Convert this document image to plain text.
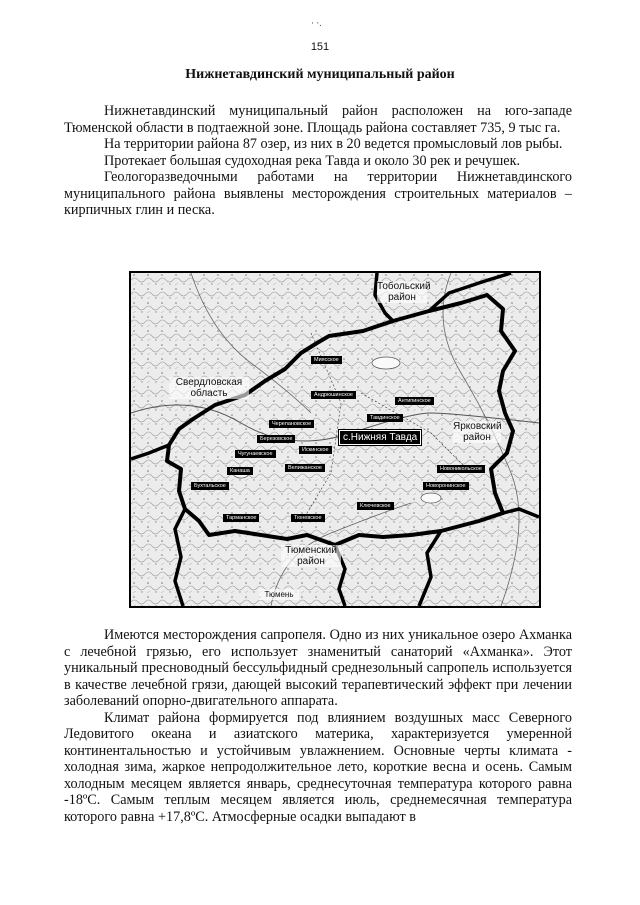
· ·.
151
Нижнетавдинский муниципальный район

Нижнетавдинский муниципальный район расположен на юго-западе Тюменской области в подтаежной зоне. Площадь района составляет 735, 9 тыс га.

На территории района 87 озер, из них в 20 ведется промысловый лов рыбы.

Протекает большая судоходная река Тавда и около 30 рек и речушек.

Геологоразведочными работами на территории Нижнетавдинского муниципального района выявлены месторождения строительных материалов – кирпичных глин и песка.

Тобольский район
Свердловская область
Ярковский район
Тюменский район
Тюмень
Миясское
Андрюшинское
Антипинское
Тавдинское
Черепановское
Березовское
Искинское
Чугунаевское
Канаша	Велижанское	Новоникольское
Бухтальское	Новоронинское
Ключевское
Тарманское	Тюневское
с.Нижняя Тавда

Имеются месторождения сапропеля. Одно из них уникальное озеро Ахманка с лечебной грязью, его использует знаменитый санаторий «Ахманка». Этот уникальный пресноводный бессульфидный среднезольный сапропель используется в качестве лечебной грязи, дающей высокий терапевтический эффект при лечении заболеваний опорно-двигательного аппарата.

Климат района формируется под влиянием воздушных масс Северного Ледовитого океана и азиатского материка, характеризуется умеренной континентальностью и устойчивым увлажнением. Основные черты климата - холодная зима, жаркое непродолжительное лето, короткие весна и осень. Самым холодным месяцем является январь, среднесуточная температура которого равна -18ºС. Самым теплым месяцем является июль, среднемесячная температура которого равна +17,8ºС. Атмосферные осадки выпадают в
